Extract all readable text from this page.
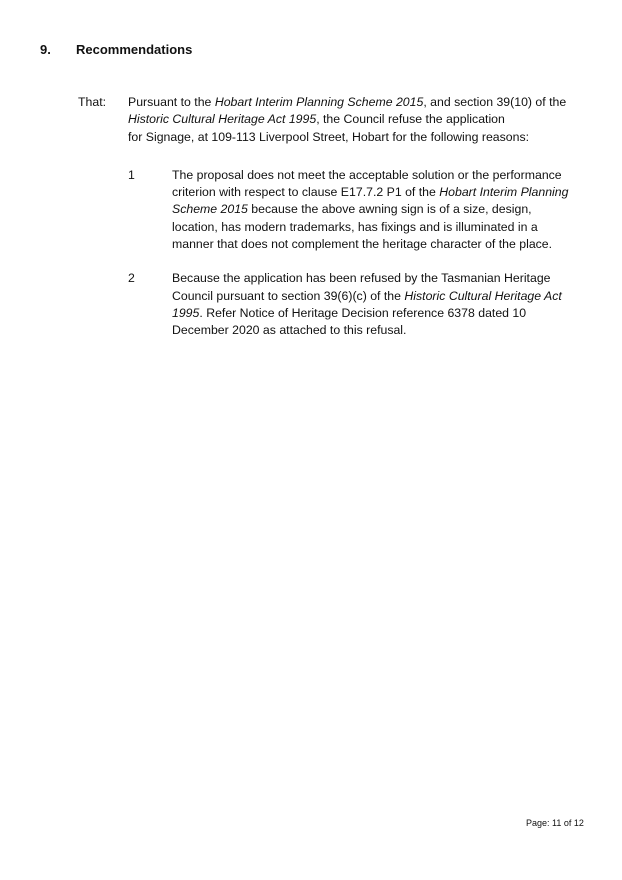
9. Recommendations
That:	Pursuant to the Hobart Interim Planning Scheme 2015, and section 39(10) of the
Historic Cultural Heritage Act 1995, the Council refuse the application
for Signage, at 109-113 Liverpool Street, Hobart for the following reasons:
1	The proposal does not meet the acceptable solution or the performance criterion with respect to clause E17.7.2 P1 of the Hobart Interim Planning Scheme 2015 because the above awning sign is of a size, design, location, has modern trademarks, has fixings and is illuminated in a manner that does not complement the heritage character of the place.
2	Because the application has been refused by the Tasmanian Heritage Council pursuant to section 39(6)(c) of the Historic Cultural Heritage Act 1995. Refer Notice of Heritage Decision reference 6378 dated 10 December 2020 as attached to this refusal.
Page: 11 of 12
